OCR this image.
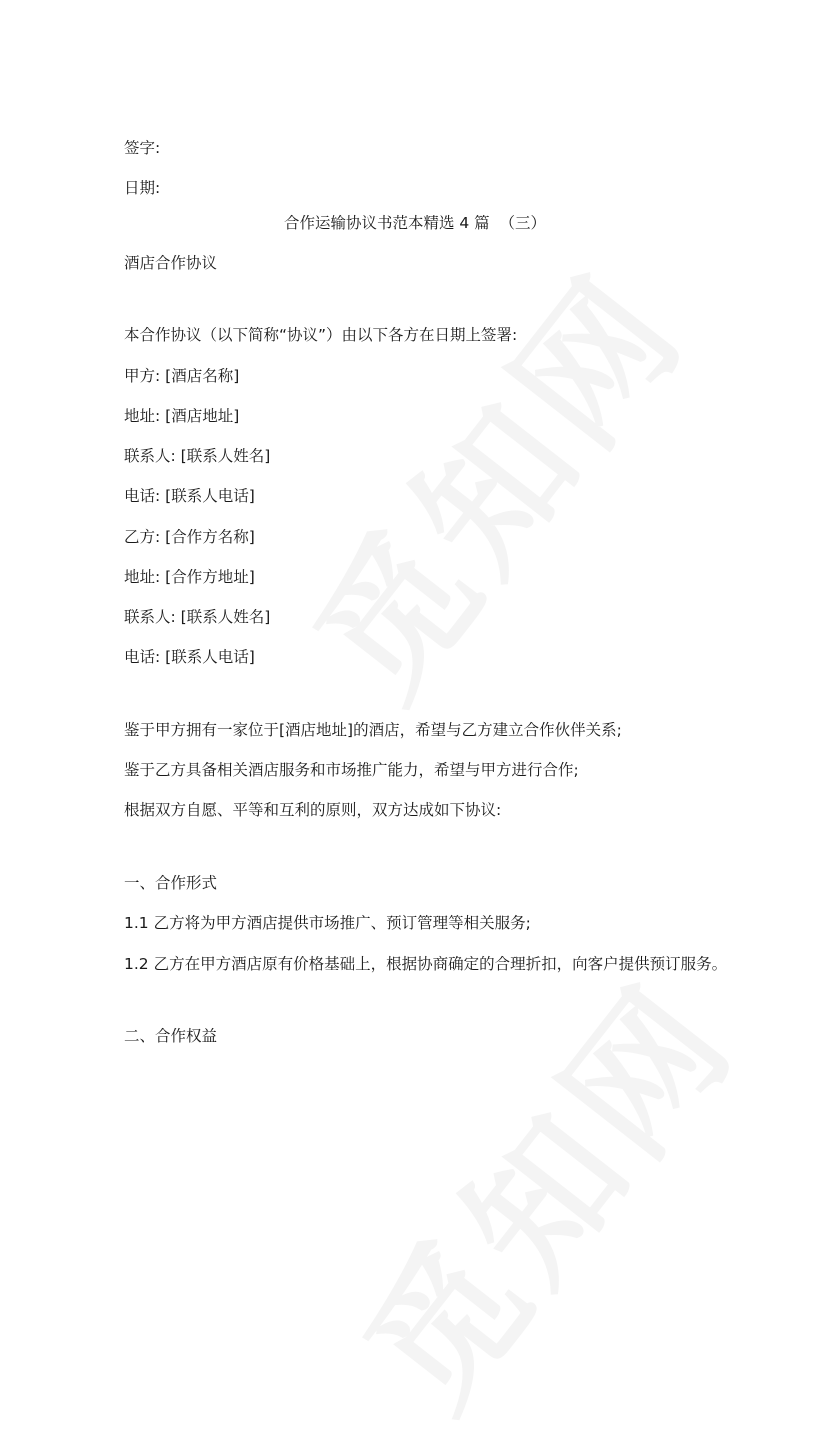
签字:
日期:
合作运输协议书范本精选 4 篇  （三）
酒店合作协议
本合作协议（以下简称“协议”）由以下各方在日期上签署:
甲方: [酒店名称]
地址: [酒店地址]
联系人: [联系人姓名]
电话: [联系人电话]
乙方: [合作方名称]
地址: [合作方地址]
联系人: [联系人姓名]
电话: [联系人电话]
鉴于甲方拥有一家位于[酒店地址]的酒店，希望与乙方建立合作伙伴关系;
鉴于乙方具备相关酒店服务和市场推广能力，希望与甲方进行合作;
根据双方自愿、平等和互利的原则，双方达成如下协议:
一、合作形式
1.1 乙方将为甲方酒店提供市场推广、预订管理等相关服务;
1.2 乙方在甲方酒店原有价格基础上，根据协商确定的合理折扣，向客户提供预订服务。
二、合作权益
